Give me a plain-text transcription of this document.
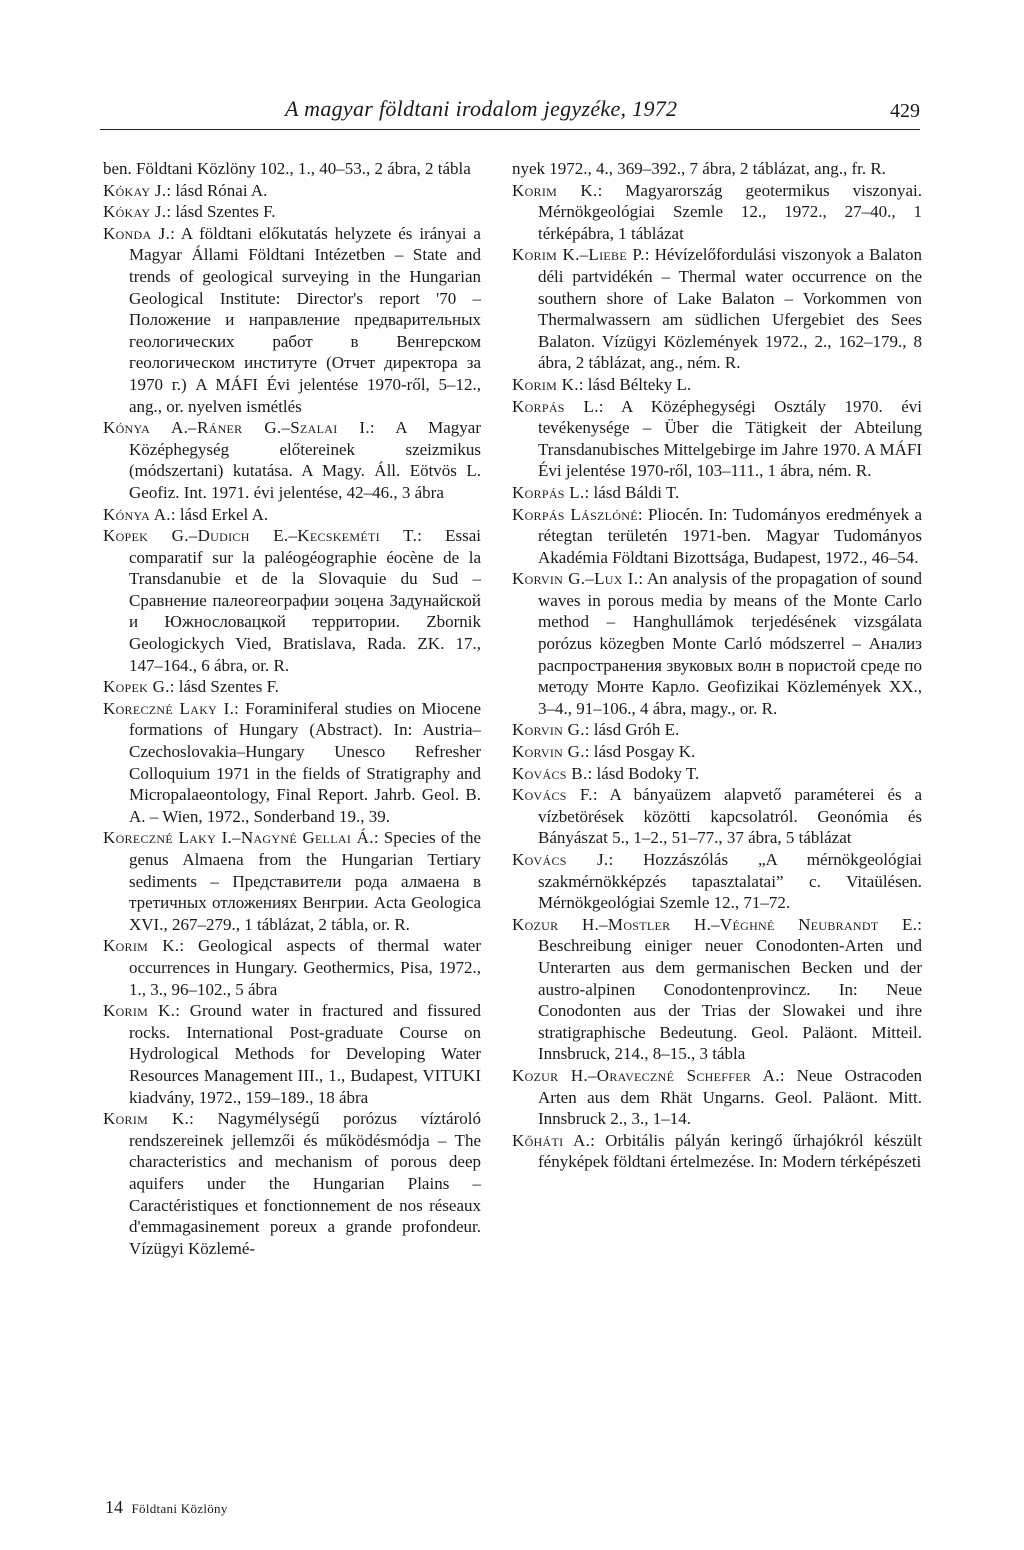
A magyar földtani irodalom jegyzéke, 1972	429

ben. Földtani Közlöny 102., 1., 40–53., 2 ábra, 2 tábla

Kókay J.: lásd Rónai A.

Kókay J.: lásd Szentes F.

Konda J.: A földtani előkutatás helyzete és irányai a Magyar Állami Földtani Intézetben – State and trends of geological surveying in the Hungarian Geological Institute: Director's report '70 – Положение и направление предварительных геологических работ в Венгерском геологическом институте (Отчет директора за 1970 г.) A MÁFI Évi jelentése 1970-ről, 5–12., ang., or. nyelven ismétlés

Kónya A.–Ráner G.–Szalai I.: A Magyar Középhegység előtereinek szeizmikus (módszertani) kutatása. A Magy. Áll. Eötvös L. Geofiz. Int. 1971. évi jelentése, 42–46., 3 ábra

Kónya A.: lásd Erkel A.

Kopek G.–Dudich E.–Kecskeméti T.: Essai comparatif sur la paléogéographie éocène de la Transdanubie et de la Slovaquie du Sud – Сравнение палеогеографии эоцена Задунайской и Южнословацкой территории. Zbornik Geologickych Vied, Bratislava, Rada. ZK. 17., 147–164., 6 ábra, or. R.

Kopek G.: lásd Szentes F.

Koreczné Laky I.: Foraminiferal studies on Miocene formations of Hungary (Abstract). In: Austria–Czechoslovakia–Hungary Unesco Refresher Colloquium 1971 in the fields of Stratigraphy and Micropalaeontology, Final Report. Jahrb. Geol. B. A. – Wien, 1972., Sonderband 19., 39.

Koreczné Laky I.–Nagyné Gellai Á.: Species of the genus Almaena from the Hungarian Tertiary sediments – Представители рода алмаена в третичных отложениях Венгрии. Acta Geologica XVI., 267–279., 1 táblázat, 2 tábla, or. R.

Korim K.: Geological aspects of thermal water occurrences in Hungary. Geothermics, Pisa, 1972., 1., 3., 96–102., 5 ábra

Korim K.: Ground water in fractured and fissured rocks. International Post-graduate Course on Hydrological Methods for Developing Water Resources Management III., 1., Budapest, VITUKI kiadvány, 1972., 159–189., 18 ábra

Korim K.: Nagymélységű porózus víztároló rendszereinek jellemzői és működésmódja – The characteristics and mechanism of porous deep aquifers under the Hungarian Plains – Caractéristiques et fonctionnement de nos réseaux d'emmagasinement poreux a grande profondeur. Vízügyi Közlemé-

nyek 1972., 4., 369–392., 7 ábra, 2 táblázat, ang., fr. R.

Korim K.: Magyarország geotermikus viszonyai. Mérnökgeológiai Szemle 12., 1972., 27–40., 1 térképábra, 1 táblázat

Korim K.–Liebe P.: Hévízelőfordulási viszonyok a Balaton déli partvidékén – Thermal water occurrence on the southern shore of Lake Balaton – Vorkommen von Thermalwassern am südlichen Ufergebiet des Sees Balaton. Vízügyi Közlemények 1972., 2., 162–179., 8 ábra, 2 táblázat, ang., ném. R.

Korim K.: lásd Bélteky L.

Korpás L.: A Középhegységi Osztály 1970. évi tevékenysége – Über die Tätigkeit der Abteilung Transdanubisches Mittelgebirge im Jahre 1970. A MÁFI Évi jelentése 1970-ről, 103–111., 1 ábra, ném. R.

Korpás L.: lásd Báldi T.

Korpás Lászlóné: Pliocén. In: Tudományos eredmények a rétegtan területén 1971-ben. Magyar Tudományos Akadémia Földtani Bizottsága, Budapest, 1972., 46–54.

Korvin G.–Lux I.: An analysis of the propagation of sound waves in porous media by means of the Monte Carlo method – Hanghullámok terjedésének vizsgálata porózus közegben Monte Carló módszerrel – Анализ распространения звуковых волн в пористой среде по методу Монте Карло. Geofizikai Közlemények XX., 3–4., 91–106., 4 ábra, magy., or. R.

Korvin G.: lásd Gróh E.

Korvin G.: lásd Posgay K.

Kovács B.: lásd Bodoky T.

Kovács F.: A bányaüzem alapvető paraméterei és a vízbetörések közötti kapcsolatról. Geonómia és Bányászat 5., 1–2., 51–77., 37 ábra, 5 táblázat

Kovács J.: Hozzászólás „A mérnökgeológiai szakmérnökképzés tapasztalatai” c. Vitaülésen. Mérnökgeológiai Szemle 12., 71–72.

Kozur H.–Mostler H.–Véghné Neubrandt E.: Beschreibung einiger neuer Conodonten-Arten und Unterarten aus dem germanischen Becken und der austro-alpinen Conodontenprovincz. In: Neue Conodonten aus der Trias der Slowakei und ihre stratigraphische Bedeutung. Geol. Paläont. Mitteil. Innsbruck, 214., 8–15., 3 tábla

Kozur H.–Oraveczné Scheffer A.: Neue Ostracoden Arten aus dem Rhät Ungarns. Geol. Paläont. Mitt. Innsbruck 2., 3., 1–14.

Kőháti A.: Orbitális pályán keringő űrhajókról készült fényképek földtani értelmezése. In: Modern térképészeti

14 Földtani Közlöny
